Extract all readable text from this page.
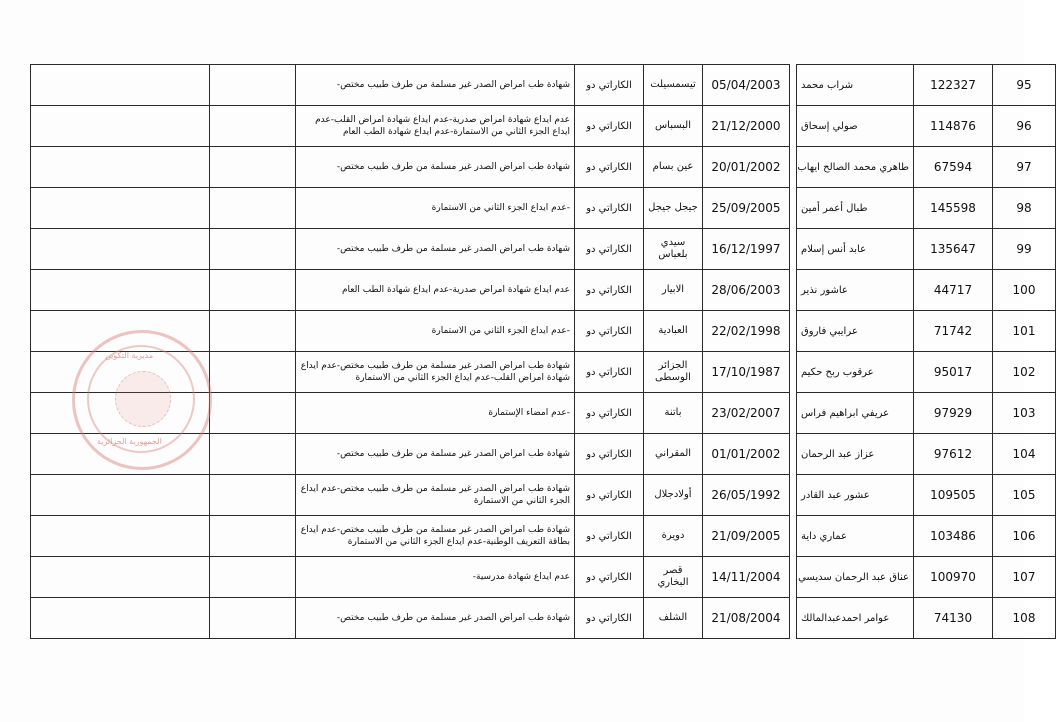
		شهادة طب امراض الصدر غير مسلمة من طرف طبيب مختص-	الكاراتي دو	تيسمسيلت	05/04/2003		شراب محمد	122327	95
		عدم ايداع شهادة امراض صدرية-عدم ايداع شهادة امراض القلب-عدم ايداع الجزء الثاني من الاستمارة-عدم ايداع شهادة الطب العام	الكاراتي دو	البسباس	21/12/2000		صولي إسحاق	114876	96
		شهادة طب امراض الصدر غير مسلمة من طرف طبيب مختص-	الكاراتي دو	عين بسام	20/01/2002		طاهري محمد الصالح ايهاب	67594	97
		-عدم ايداع الجزء الثاني من الاستمارة	الكاراتي دو	جيجل جيجل	25/09/2005		طبال أعمر أمين	145598	98
		شهادة طب امراض الصدر غير مسلمة من طرف طبيب مختص-	الكاراتي دو	سيدي بلعباس	16/12/1997		عابد أنس إسلام	135647	99
		عدم ايداع شهادة امراض صدرية-عدم ايداع شهادة الطب العام	الكاراتي دو	الابيار	28/06/2003		عاشور نذير	44717	100
		-عدم ايداع الجزء الثاني من الاستمارة	الكاراتي دو	العبادية	22/02/1998		عرايبي فاروق	71742	101
		شهادة طب امراض الصدر غير مسلمة من طرف طبيب مختص-عدم ايداع شهادة امراض القلب-عدم ايداع الجزء الثاني من الاستمارة	الكاراتي دو	الجزائر الوسطى	17/10/1987		عرقوب ربح حكيم	95017	102
		-عدم امضاء الإستمارة	الكاراتي دو	باتنة	23/02/2007		عريفي ابراهيم فراس	97929	103
		شهادة طب امراض الصدر غير مسلمة من طرف طبيب مختص-	الكاراتي دو	المقراني	01/01/2002		عزاز عبد الرحمان	97612	104
		شهادة طب امراض الصدر غير مسلمة من طرف طبيب مختص-عدم ايداع الجزء الثاني من الاستمارة	الكاراتي دو	أولادجلال	26/05/1992		عشور عبد القادر	109505	105
		شهادة طب امراض الصدر غير مسلمة من طرف طبيب مختص-عدم ايداع بطاقة التعريف الوطنية-عدم ايداع الجزء الثاني من الاستمارة	الكاراتي دو	دويرة	21/09/2005		عماري داية	103486	106
		عدم ايداع شهادة مدرسية-	الكاراتي دو	قصر البخاري	14/11/2004		عناق عبد الرحمان سديسي	100970	107
		شهادة طب امراض الصدر غير مسلمة من طرف طبيب مختص-	الكاراتي دو	الشلف	21/08/2004		عوامر احمدعبدالمالك	74130	108
مديرية التكوين
الجمهورية الجزائرية
